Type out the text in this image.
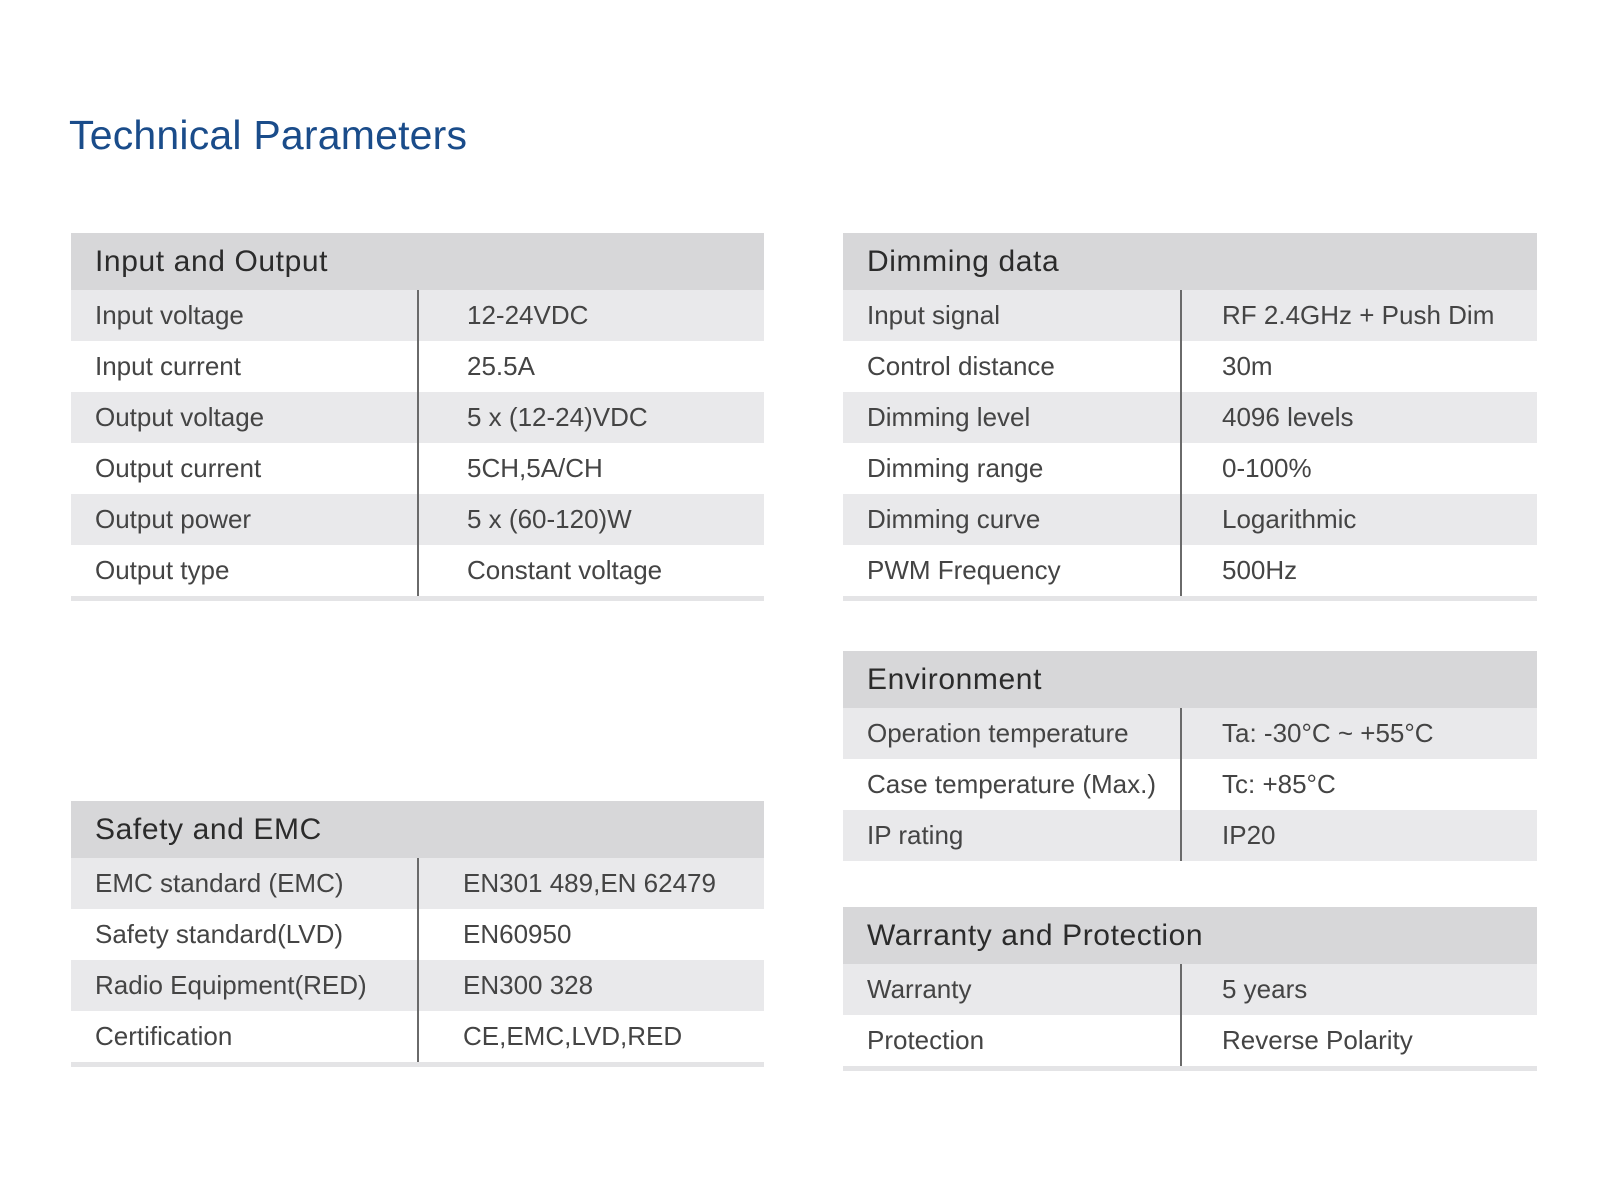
Technical Parameters
Input and Output
Input voltage	12-24VDC
Input current	25.5A
Output voltage	5 x (12-24)VDC
Output current	5CH,5A/CH
Output power	5 x (60-120)W
Output type	Constant voltage
Safety and EMC
EMC standard (EMC)	EN301 489,EN 62479
Safety standard(LVD)	EN60950
Radio Equipment(RED)	EN300 328
Certification	CE,EMC,LVD,RED
Dimming data
Input signal	RF 2.4GHz + Push Dim
Control distance	30m
Dimming level	4096 levels
Dimming range	0-100%
Dimming curve	Logarithmic
PWM Frequency	500Hz
Environment
Operation temperature	Ta: -30°C ~ +55°C
Case temperature (Max.)	Tc: +85°C
IP rating	IP20
Warranty and Protection
Warranty	5 years
Protection	Reverse Polarity
